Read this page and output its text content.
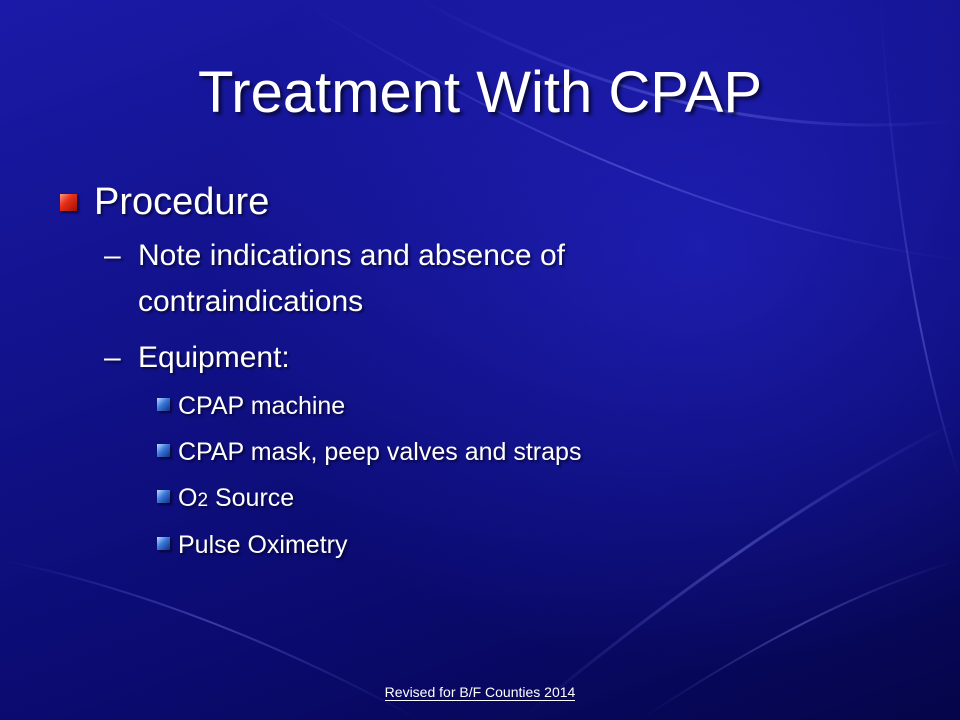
Treatment With CPAP
Procedure
– Note indications and absence of
contraindications
– Equipment:
CPAP machine
CPAP mask, peep valves and straps
O2 Source
Pulse Oximetry
Revised for B/F Counties 2014
